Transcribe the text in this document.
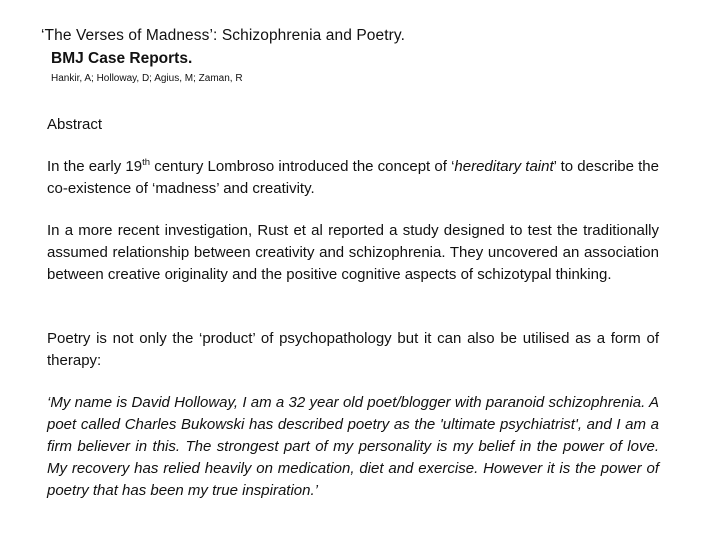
‘The Verses of Madness’: Schizophrenia and Poetry.
BMJ Case Reports.
Hankir, A; Holloway, D; Agius, M; Zaman, R
Abstract
In the early 19th century Lombroso introduced the concept of ‘hereditary taint’ to describe the co-existence of ‘madness’ and creativity.
In a more recent investigation, Rust et al reported a study designed to test the traditionally assumed relationship between creativity and schizophrenia. They uncovered an association between creative originality and the positive cognitive aspects of schizotypal thinking.
Poetry is not only the ‘product’ of psychopathology but it can also be utilised as a form of therapy:
‘My name is David Holloway, I am a 32 year old poet/blogger with paranoid schizophrenia. A poet called Charles Bukowski has described poetry as the 'ultimate psychiatrist', and I am a firm believer in this. The strongest part of my personality is my belief in the power of love. My recovery has relied heavily on medication, diet and exercise. However it is the power of poetry that has been my true inspiration.’
